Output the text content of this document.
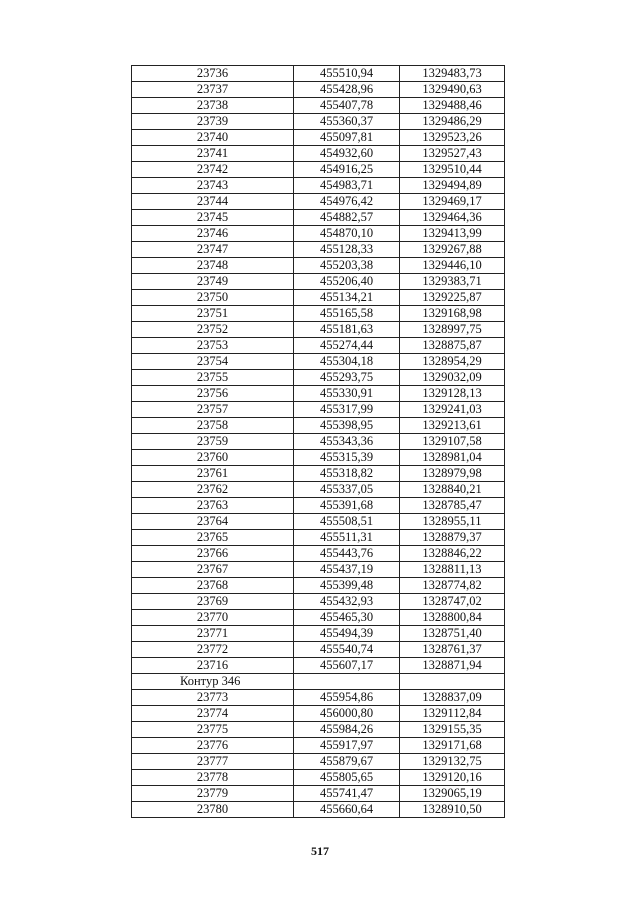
23736	455510,94	1329483,73
23737	455428,96	1329490,63
23738	455407,78	1329488,46
23739	455360,37	1329486,29
23740	455097,81	1329523,26
23741	454932,60	1329527,43
23742	454916,25	1329510,44
23743	454983,71	1329494,89
23744	454976,42	1329469,17
23745	454882,57	1329464,36
23746	454870,10	1329413,99
23747	455128,33	1329267,88
23748	455203,38	1329446,10
23749	455206,40	1329383,71
23750	455134,21	1329225,87
23751	455165,58	1329168,98
23752	455181,63	1328997,75
23753	455274,44	1328875,87
23754	455304,18	1328954,29
23755	455293,75	1329032,09
23756	455330,91	1329128,13
23757	455317,99	1329241,03
23758	455398,95	1329213,61
23759	455343,36	1329107,58
23760	455315,39	1328981,04
23761	455318,82	1328979,98
23762	455337,05	1328840,21
23763	455391,68	1328785,47
23764	455508,51	1328955,11
23765	455511,31	1328879,37
23766	455443,76	1328846,22
23767	455437,19	1328811,13
23768	455399,48	1328774,82
23769	455432,93	1328747,02
23770	455465,30	1328800,84
23771	455494,39	1328751,40
23772	455540,74	1328761,37
23716	455607,17	1328871,94
Контур 346		
23773	455954,86	1328837,09
23774	456000,80	1329112,84
23775	455984,26	1329155,35
23776	455917,97	1329171,68
23777	455879,67	1329132,75
23778	455805,65	1329120,16
23779	455741,47	1329065,19
23780	455660,64	1328910,50
517
